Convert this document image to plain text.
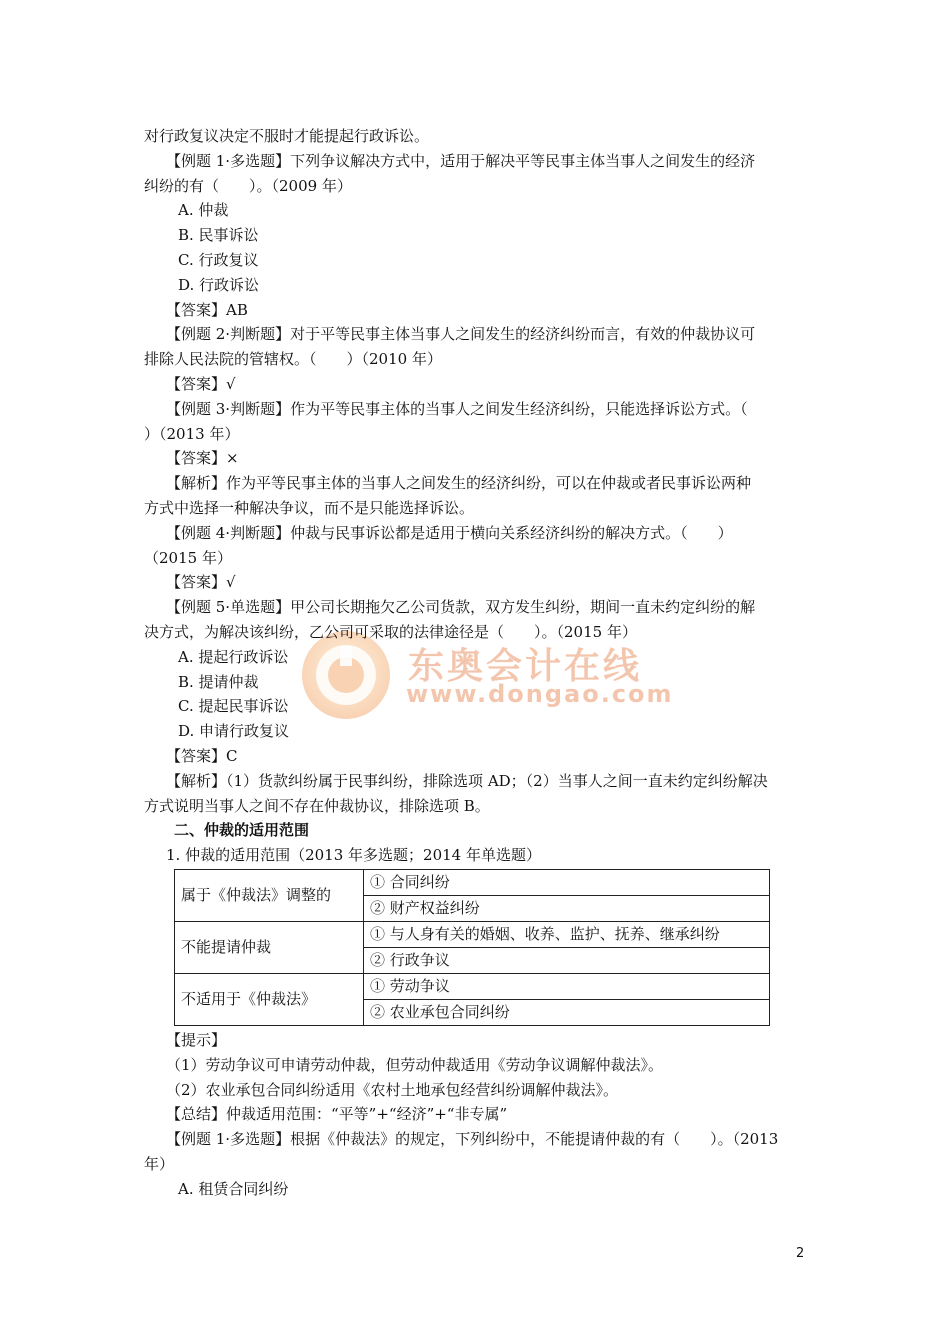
东奥会计在线
www.dongao.com
对行政复议决定不服时才能提起行政诉讼。
【例题 1·多选题】下列争议解决方式中，适用于解决平等民事主体当事人之间发生的经济
纠纷的有（　　）。（2009 年）
A. 仲裁
B. 民事诉讼
C. 行政复议
D. 行政诉讼
【答案】AB
【例题 2·判断题】对于平等民事主体当事人之间发生的经济纠纷而言，有效的仲裁协议可
排除人民法院的管辖权。（　　）（2010 年）
【答案】√
【例题 3·判断题】作为平等民事主体的当事人之间发生经济纠纷，只能选择诉讼方式。（
）（2013 年）
【答案】×
【解析】作为平等民事主体的当事人之间发生的经济纠纷，可以在仲裁或者民事诉讼两种
方式中选择一种解决争议，而不是只能选择诉讼。
【例题 4·判断题】仲裁与民事诉讼都是适用于横向关系经济纠纷的解决方式。（　　）
（2015 年）
【答案】√
【例题 5·单选题】甲公司长期拖欠乙公司货款，双方发生纠纷，期间一直未约定纠纷的解
决方式，为解决该纠纷，乙公司可采取的法律途径是（　　）。（2015 年）
A. 提起行政诉讼
B. 提请仲裁
C. 提起民事诉讼
D. 申请行政复议
【答案】C
【解析】（1）货款纠纷属于民事纠纷，排除选项 AD；（2）当事人之间一直未约定纠纷解决
方式说明当事人之间不存在仲裁协议，排除选项 B。
二、仲裁的适用范围
1. 仲裁的适用范围（2013 年多选题；2014 年单选题）
属于《仲裁法》调整的	① 合同纠纷
	② 财产权益纠纷
不能提请仲裁	① 与人身有关的婚姻、收养、监护、抚养、继承纠纷
	② 行政争议
不适用于《仲裁法》	① 劳动争议
	② 农业承包合同纠纷
【提示】
（1）劳动争议可申请劳动仲裁，但劳动仲裁适用《劳动争议调解仲裁法》。
（2）农业承包合同纠纷适用《农村土地承包经营纠纷调解仲裁法》。
【总结】仲裁适用范围：“平等”+“经济”+“非专属”
【例题 1·多选题】根据《仲裁法》的规定，下列纠纷中，不能提请仲裁的有（　　）。（2013
年）
A. 租赁合同纠纷
2
